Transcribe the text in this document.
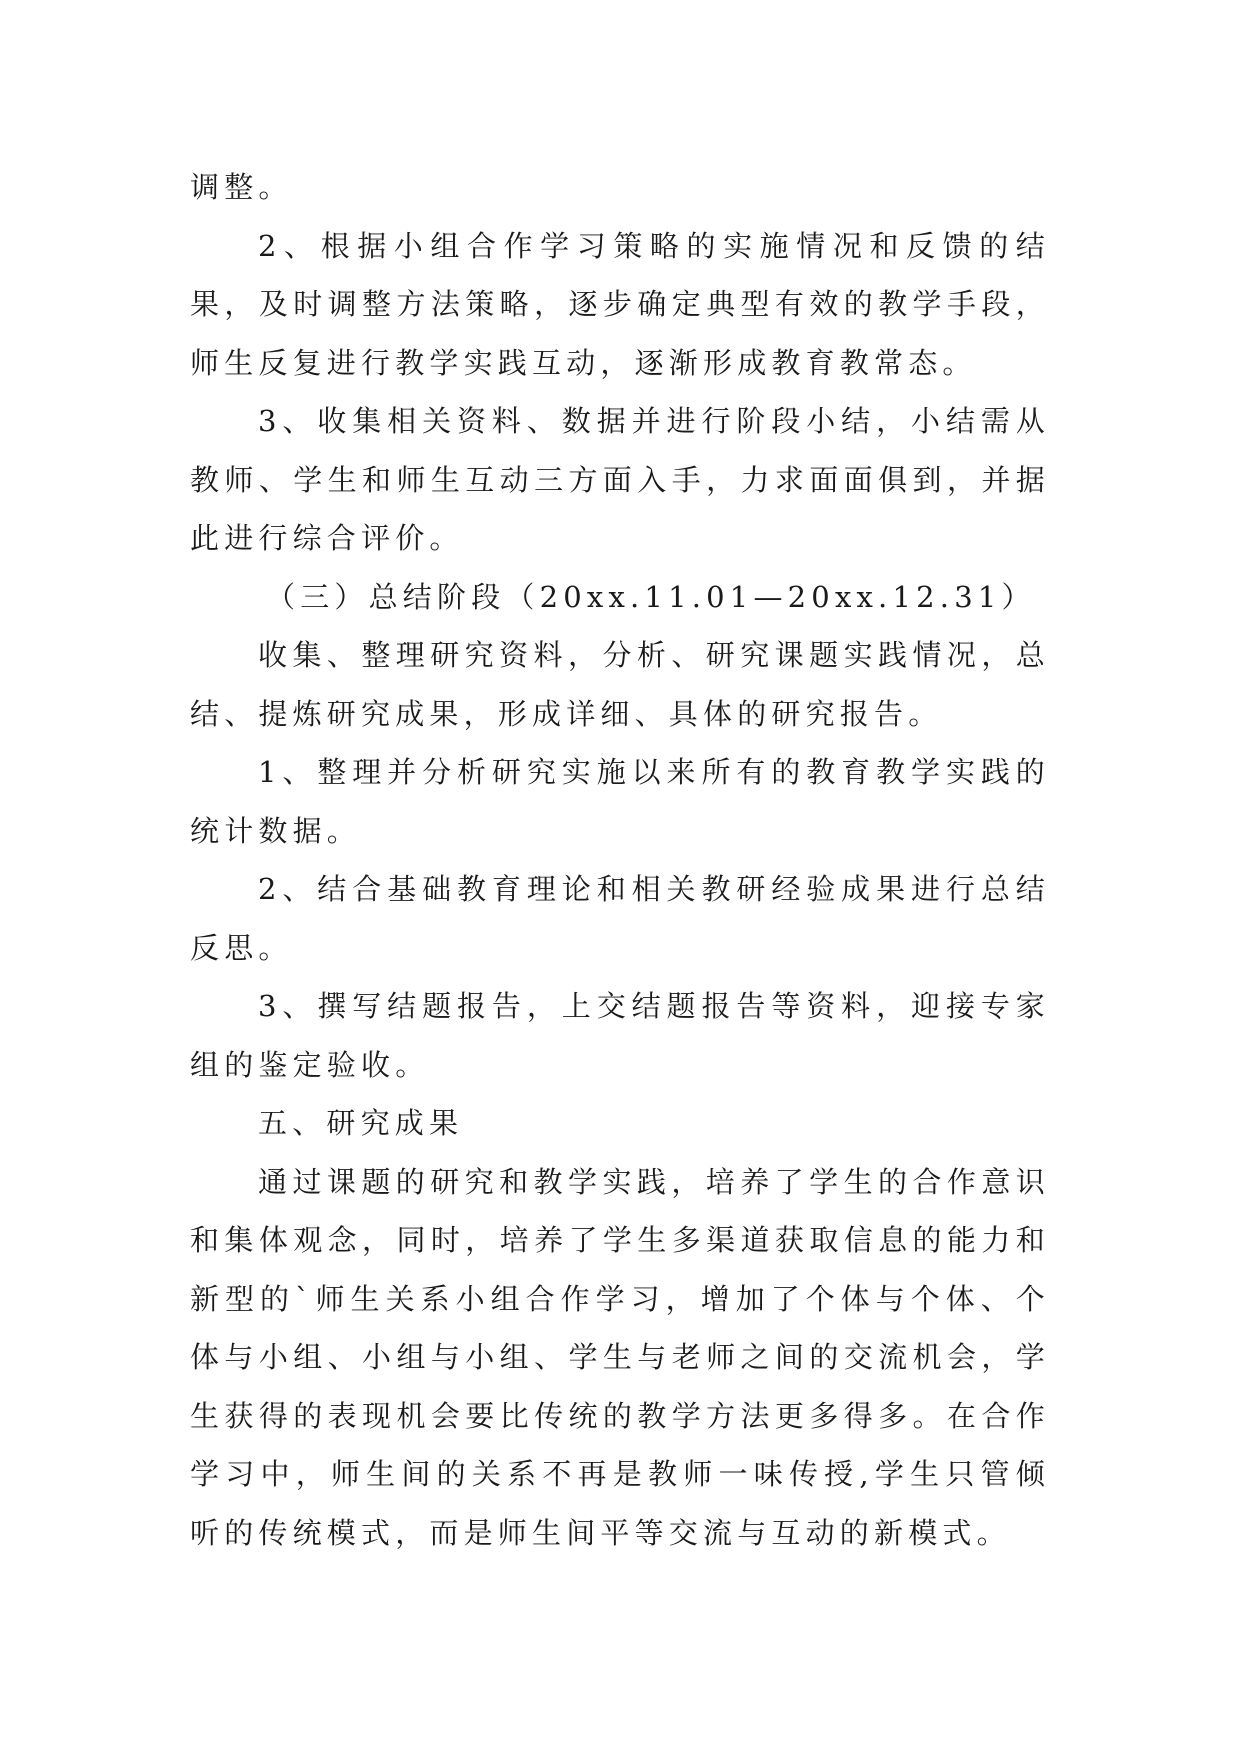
调整。

2、根据小组合作学习策略的实施情况和反馈的结果，及时调整方法策略，逐步确定典型有效的教学手段，师生反复进行教学实践互动，逐渐形成教育教常态。

3、收集相关资料、数据并进行阶段小结，小结需从教师、学生和师生互动三方面入手，力求面面俱到，并据此进行综合评价。

（三）总结阶段（20xx.11.01—20xx.12.31）

收集、整理研究资料，分析、研究课题实践情况，总结、提炼研究成果，形成详细、具体的研究报告。

1、整理并分析研究实施以来所有的教育教学实践的统计数据。

2、结合基础教育理论和相关教研经验成果进行总结反思。

3、撰写结题报告，上交结题报告等资料，迎接专家组的鉴定验收。

五、研究成果

通过课题的研究和教学实践，培养了学生的合作意识和集体观念，同时，培养了学生多渠道获取信息的能力和新型的`师生关系小组合作学习，增加了个体与个体、个体与小组、小组与小组、学生与老师之间的交流机会，学生获得的表现机会要比传统的教学方法更多得多。在合作学习中，师生间的关系不再是教师一味传授,学生只管倾听的传统模式，而是师生间平等交流与互动的新模式。
